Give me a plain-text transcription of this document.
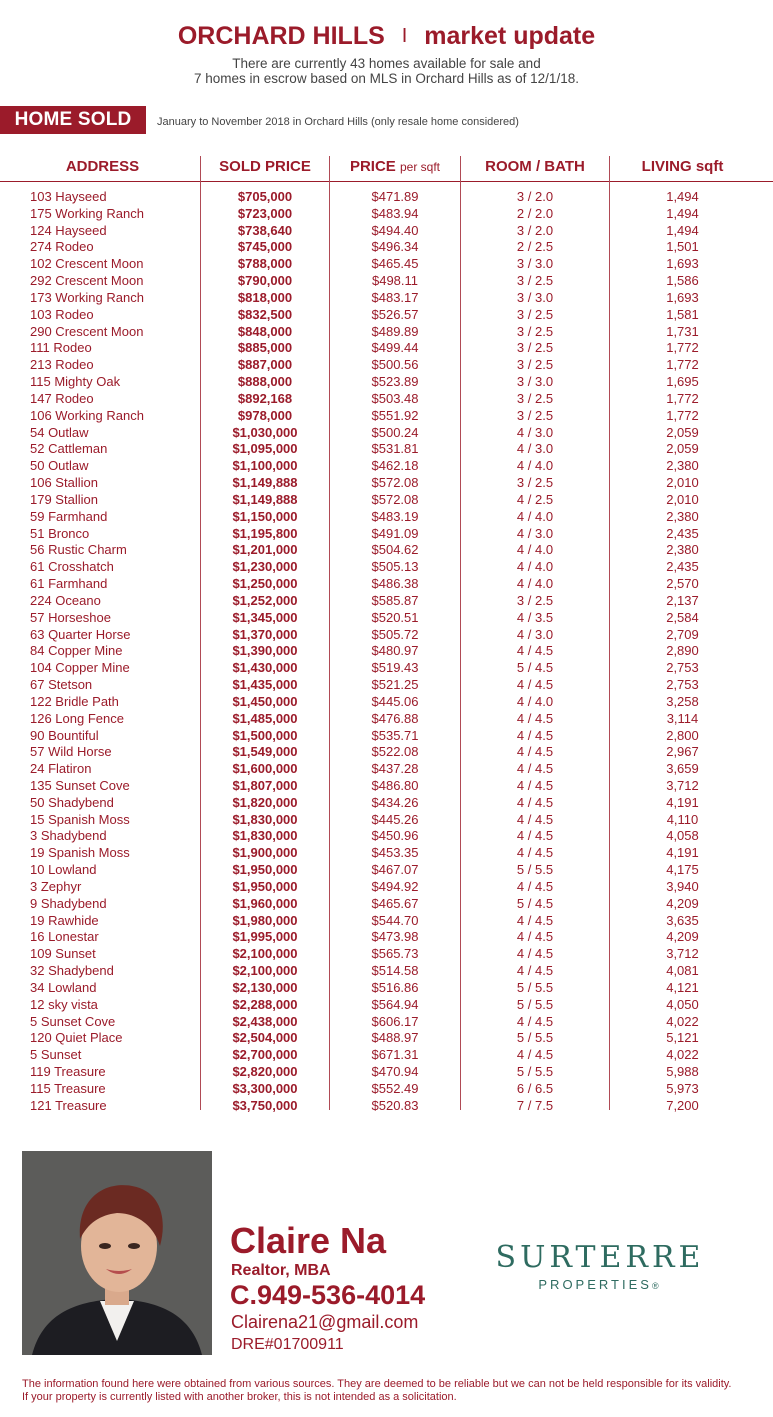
ORCHARD HILLS I market update
There are currently 43 homes available for sale and
7 homes in escrow based on MLS in Orchard Hills as of 12/1/18.
HOME SOLD	January to November 2018 in Orchard Hills (only resale home considered)
ADDRESS	SOLD PRICE	PRICE per sqft	ROOM / BATH	LIVING sqft
103 Hayseed	$705,000	$471.89	3 / 2.0	1,494
175 Working Ranch	$723,000	$483.94	2 / 2.0	1,494
124 Hayseed	$738,640	$494.40	3 / 2.0	1,494
274 Rodeo	$745,000	$496.34	2 / 2.5	1,501
102 Crescent Moon	$788,000	$465.45	3 / 3.0	1,693
292 Crescent Moon	$790,000	$498.11	3 / 2.5	1,586
173 Working Ranch	$818,000	$483.17	3 / 3.0	1,693
103 Rodeo	$832,500	$526.57	3 / 2.5	1,581
290 Crescent Moon	$848,000	$489.89	3 / 2.5	1,731
111 Rodeo	$885,000	$499.44	3 / 2.5	1,772
213 Rodeo	$887,000	$500.56	3 / 2.5	1,772
115 Mighty Oak	$888,000	$523.89	3 / 3.0	1,695
147 Rodeo	$892,168	$503.48	3 / 2.5	1,772
106 Working Ranch	$978,000	$551.92	3 / 2.5	1,772
54 Outlaw	$1,030,000	$500.24	4 / 3.0	2,059
52 Cattleman	$1,095,000	$531.81	4 / 3.0	2,059
50 Outlaw	$1,100,000	$462.18	4 / 4.0	2,380
106 Stallion	$1,149,888	$572.08	3 / 2.5	2,010
179 Stallion	$1,149,888	$572.08	4 / 2.5	2,010
59 Farmhand	$1,150,000	$483.19	4 / 4.0	2,380
51 Bronco	$1,195,800	$491.09	4 / 3.0	2,435
56 Rustic Charm	$1,201,000	$504.62	4 / 4.0	2,380
61 Crosshatch	$1,230,000	$505.13	4 / 4.0	2,435
61 Farmhand	$1,250,000	$486.38	4 / 4.0	2,570
224 Oceano	$1,252,000	$585.87	3 / 2.5	2,137
57 Horseshoe	$1,345,000	$520.51	4 / 3.5	2,584
63 Quarter Horse	$1,370,000	$505.72	4 / 3.0	2,709
84 Copper Mine	$1,390,000	$480.97	4 / 4.5	2,890
104 Copper Mine	$1,430,000	$519.43	5 / 4.5	2,753
67 Stetson	$1,435,000	$521.25	4 / 4.5	2,753
122 Bridle Path	$1,450,000	$445.06	4 / 4.0	3,258
126 Long Fence	$1,485,000	$476.88	4 / 4.5	3,114
90 Bountiful	$1,500,000	$535.71	4 / 4.5	2,800
57 Wild Horse	$1,549,000	$522.08	4 / 4.5	2,967
24 Flatiron	$1,600,000	$437.28	4 / 4.5	3,659
135 Sunset Cove	$1,807,000	$486.80	4 / 4.5	3,712
50 Shadybend	$1,820,000	$434.26	4 / 4.5	4,191
15 Spanish Moss	$1,830,000	$445.26	4 / 4.5	4,110
3 Shadybend	$1,830,000	$450.96	4 / 4.5	4,058
19 Spanish Moss	$1,900,000	$453.35	4 / 4.5	4,191
10 Lowland	$1,950,000	$467.07	5 / 5.5	4,175
3 Zephyr	$1,950,000	$494.92	4 / 4.5	3,940
9 Shadybend	$1,960,000	$465.67	5 / 4.5	4,209
19 Rawhide	$1,980,000	$544.70	4 / 4.5	3,635
16 Lonestar	$1,995,000	$473.98	4 / 4.5	4,209
109 Sunset	$2,100,000	$565.73	4 / 4.5	3,712
32 Shadybend	$2,100,000	$514.58	4 / 4.5	4,081
34 Lowland	$2,130,000	$516.86	5 / 5.5	4,121
12 sky vista	$2,288,000	$564.94	5 / 5.5	4,050
5 Sunset Cove	$2,438,000	$606.17	4 / 4.5	4,022
120 Quiet Place	$2,504,000	$488.97	5 / 5.5	5,121
5 Sunset	$2,700,000	$671.31	4 / 4.5	4,022
119 Treasure	$2,820,000	$470.94	5 / 5.5	5,988
115 Treasure	$3,300,000	$552.49	6 / 6.5	5,973
121 Treasure	$3,750,000	$520.83	7 / 7.5	7,200
Claire Na
Realtor, MBA
C.949-536-4014
Clairena21@gmail.com
DRE#01700911
SURTERRE
PROPERTIES®
The information found here were obtained from various sources. They are deemed to be reliable but we can not be held responsible for its validity.
If your property is currently listed with another broker, this is not intended as a solicitation.
